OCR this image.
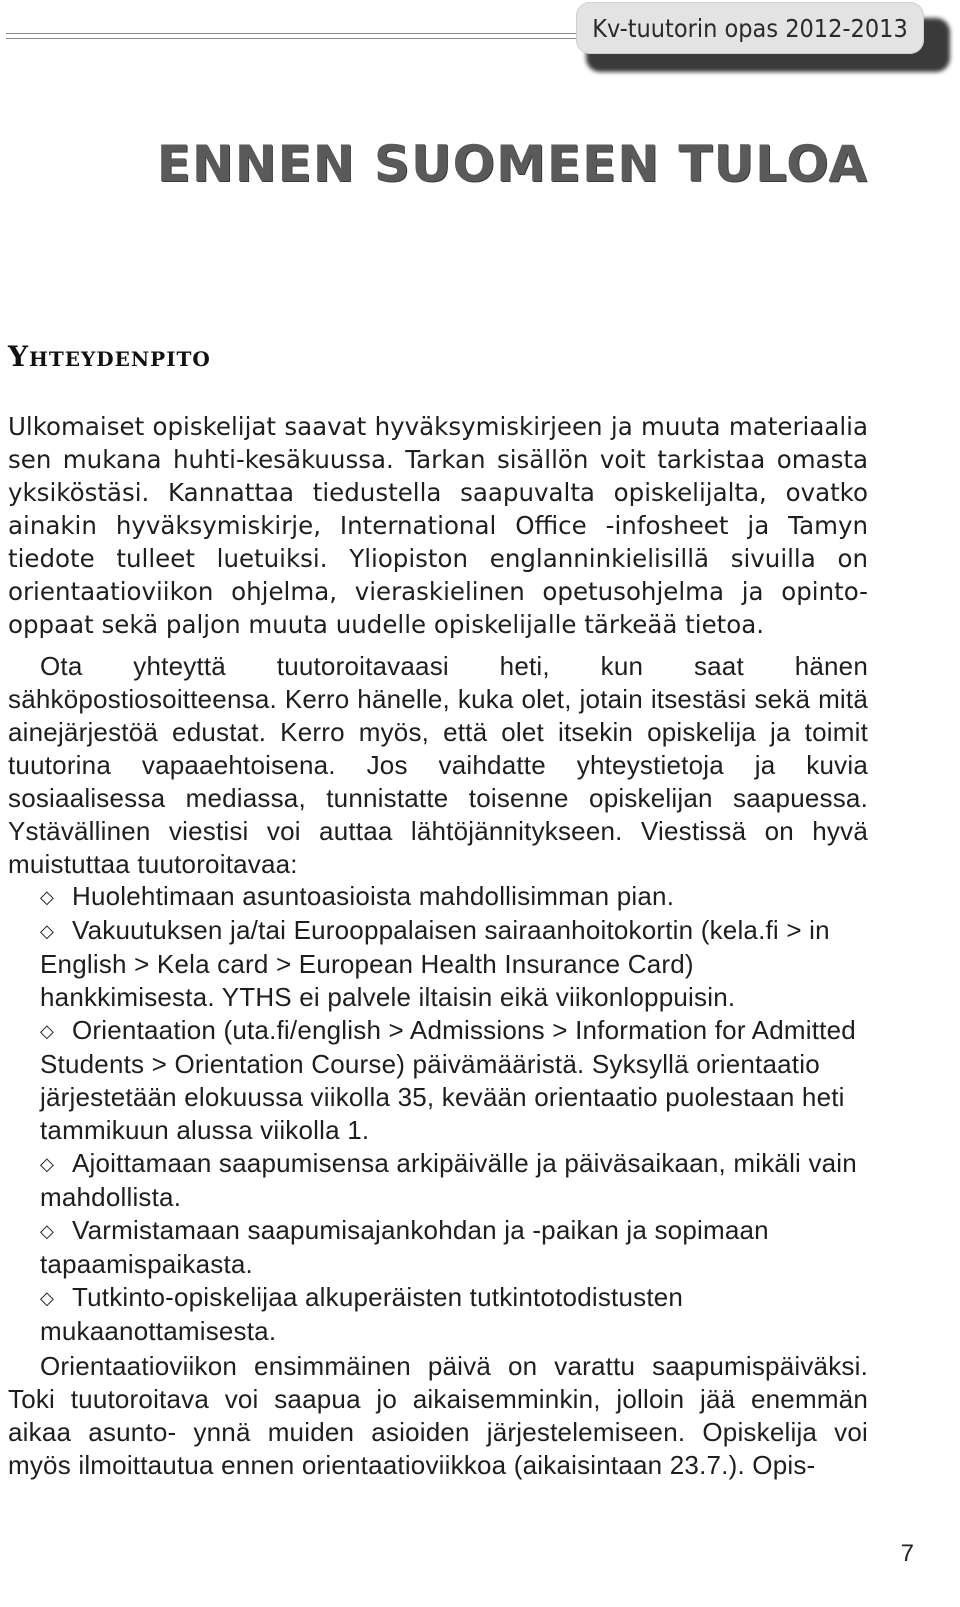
Kv-tuutorin opas 2012-2013
ENNEN SUOMEEN TULOA
Yhteydenpito
Ulkomaiset opiskelijat saavat hyväksymiskirjeen ja muuta materiaalia sen mukana huhti-kesäkuussa. Tarkan sisällön voit tarkistaa omasta yksiköstäsi. Kannattaa tiedustella saapuvalta opiskelijalta, ovatko ainakin hyväksymiskirje, International Office -infosheet ja Tamyn tiedote tulleet luetuiksi. Yliopiston englanninkielisillä sivuilla on orientaatioviikon ohjelma, vieraskielinen opetusohjelma ja opinto-oppaat sekä paljon muuta uudelle opiskelijalle tärkeää tietoa.
Ota yhteyttä tuutoroitavaasi heti, kun saat hänen sähköpostiosoitteensa. Kerro hänelle, kuka olet, jotain itsestäsi sekä mitä ainejärjestöä edustat. Kerro myös, että olet itsekin opiskelija ja toimit tuutorina vapaaehtoisena. Jos vaihdatte yhteystietoja ja kuvia sosiaalisessa mediassa, tunnistatte toisenne opiskelijan saapuessa. Ystävällinen viestisi voi auttaa lähtöjännitykseen. Viestissä on hyvä muistuttaa tuutoroitavaa:
◇ Huolehtimaan asuntoasioista mahdollisimman pian.
◇ Vakuutuksen ja/tai Eurooppalaisen sairaanhoitokortin (kela.fi > in English > Kela card > European Health Insurance Card) hankkimisesta. YTHS ei palvele iltaisin eikä viikonloppuisin.
◇ Orientaation (uta.fi/english > Admissions > Information for Admitted Students > Orientation Course) päivämääristä. Syksyllä orientaatio järjestetään elokuussa viikolla 35, kevään orientaatio puolestaan heti tammikuun alussa viikolla 1.
◇ Ajoittamaan saapumisensa arkipäivälle ja päiväsaikaan, mikäli vain mahdollista.
◇ Varmistamaan saapumisajankohdan ja -paikan ja sopimaan tapaamispaikasta.
◇ Tutkinto-opiskelijaa alkuperäisten tutkintotodistusten mukaanottamisesta.
Orientaatioviikon ensimmäinen päivä on varattu saapumispäiväksi. Toki tuutoroitava voi saapua jo aikaisemminkin, jolloin jää enemmän aikaa asunto- ynnä muiden asioiden järjestelemiseen. Opiskelija voi myös ilmoittautua ennen orientaatioviikkoa (aikaisintaan 23.7.). Opis-
7
